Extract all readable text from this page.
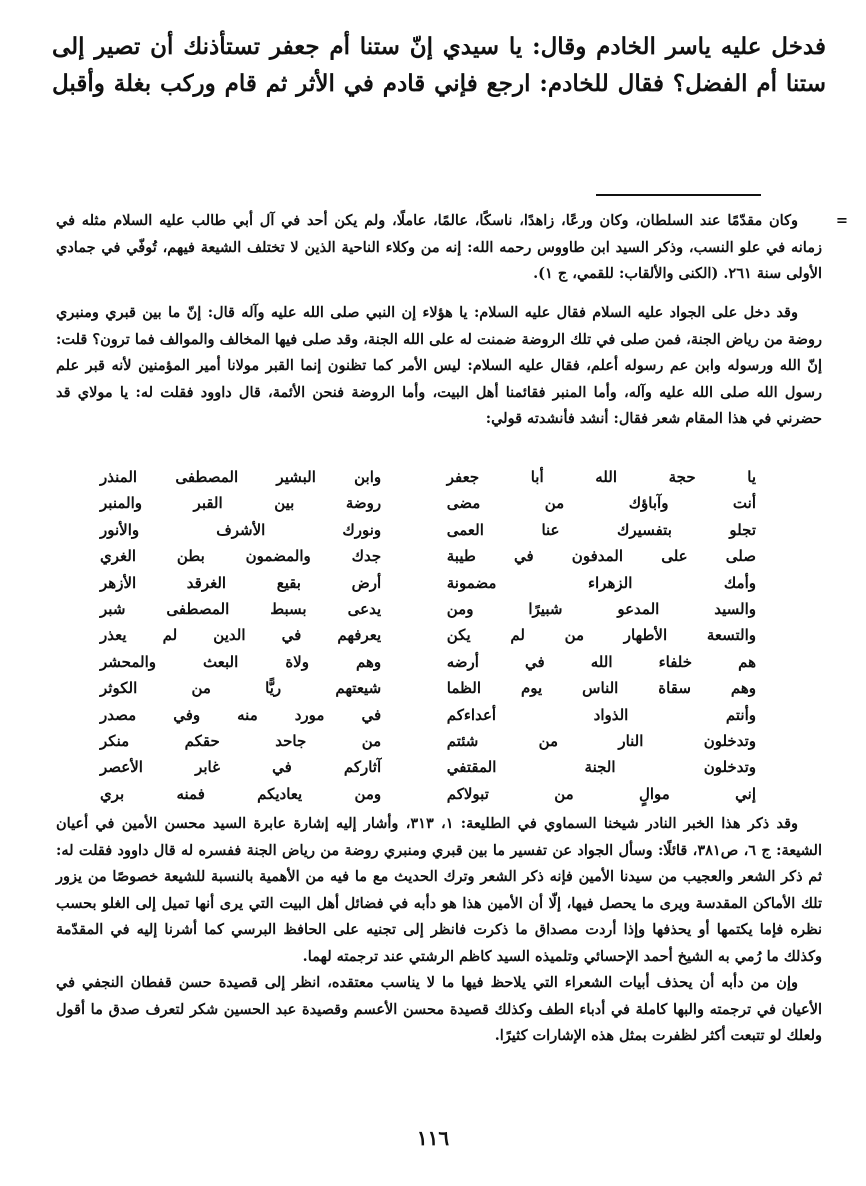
فدخل عليه ياسر الخادم وقال: يا سيدي إنّ ستنا أم جعفر تستأذنك أن تصير إلى

ستنا أم الفضل؟ فقال للخادم: ارجع فإني قادم في الأثر ثم قام وركب بغلة وأقبل

=

وكان مقدّمًا عند السلطان، وكان ورعًا، زاهدًا، ناسكًا، عالمًا، عاملًا، ولم يكن أحد في آل أبي طالب عليه السلام مثله في زمانه في علو النسب، وذكر السيد ابن طاووس رحمه الله: إنه من وكلاء الناحية الذين لا تختلف الشيعة فيهم، تُوفّي في جمادي الأولى سنة ٢٦١. (الكنى والألقاب: للقمي، ج ١).

وقد دخل على الجواد عليه السلام فقال عليه السلام: يا هؤلاء إن النبي صلى الله عليه وآله قال: إنّ ما بين قبري ومنبري روضة من رياض الجنة، فمن صلى في تلك الروضة ضمنت له على الله الجنة، وقد صلى فيها المخالف والموالف فما ترون؟ قلت: إنّ الله ورسوله وابن عم رسوله أعلم، فقال عليه السلام: ليس الأمر كما تظنون إنما القبر مولانا أمير المؤمنين لأنه قبر علم رسول الله صلى الله عليه وآله، وأما المنبر فقائمنا أهل البيت، وأما الروضة فنحن الأئمة، قال داوود فقلت له: يا مولاي قد حضرني في هذا المقام شعر فقال: أنشد فأنشدته قولي:

يا حجة الله أبا جعفر
وابن البشير المصطفى المنذر
أنت وآباؤك من مضى
روضة بين القبر والمنبر
تجلو بتفسيرك عنا العمى
ونورك الأشرف والأنور
صلى على المدفون في طيبة
جدك والمضمون بطن الغري
وأمك الزهراء مضمونة
أرض بقيع الغرقد الأزهر
والسيد المدعو شبيرًا ومن
يدعى بسبط المصطفى شبر
والتسعة الأطهار من لم يكن
يعرفهم في الدين لم يعذر
هم خلفاء الله في أرضه
وهم ولاة البعث والمحشر
وهم سقاة الناس يوم الظما
شيعتهم ريًّا من الكوثر
وأنتم الذواد أعداءكم
في مورد منه وفي مصدر
وتدخلون النار من شئتم
من جاحد حقكم منكر
وتدخلون الجنة المقتفي
آثاركم في غابر الأعصر
إني موالٍ من تبولاكم
ومن يعاديكم فمنه بري

وقد ذكر هذا الخبر النادر شيخنا السماوي في الطليعة: ١، ٣١٣، وأشار إليه إشارة عابرة السيد محسن الأمين في أعيان الشيعة: ج ٦، ص٣٨١، قائلًا: وسأل الجواد عن تفسير ما بين قبري ومنبري روضة من رياض الجنة ففسره له قال داوود فقلت له: ثم ذكر الشعر والعجيب من سيدنا الأمين فإنه ذكر الشعر وترك الحديث مع ما فيه من الأهمية بالنسبة للشيعة خصوصًا من يزور تلك الأماكن المقدسة ويرى ما يحصل فيها، إلّا أن الأمين هذا هو دأبه في فضائل أهل البيت التي يرى أنها تميل إلى الغلو بحسب نظره فإما يكتمها أو يحذفها وإذا أردت مصداق ما ذكرت فانظر إلى تجنيه على الحافظ البرسي كما أشرنا إليه في المقدّمة وكذلك ما رُمي به الشيخ أحمد الإحسائي وتلميذه السيد كاظم الرشتي عند ترجمته لهما.

وإن من دأبه أن يحذف أبيات الشعراء التي يلاحظ فيها ما لا يناسب معتقده، انظر إلى قصيدة حسن قفطان النجفي في الأعيان في ترجمته والبها كاملة في أدباء الطف وكذلك قصيدة محسن الأعسم وقصيدة عبد الحسين شكر لتعرف صدق ما أقول ولعلك لو تتبعت أكثر لظفرت بمثل هذه الإشارات كثيرًا.

١١٦
